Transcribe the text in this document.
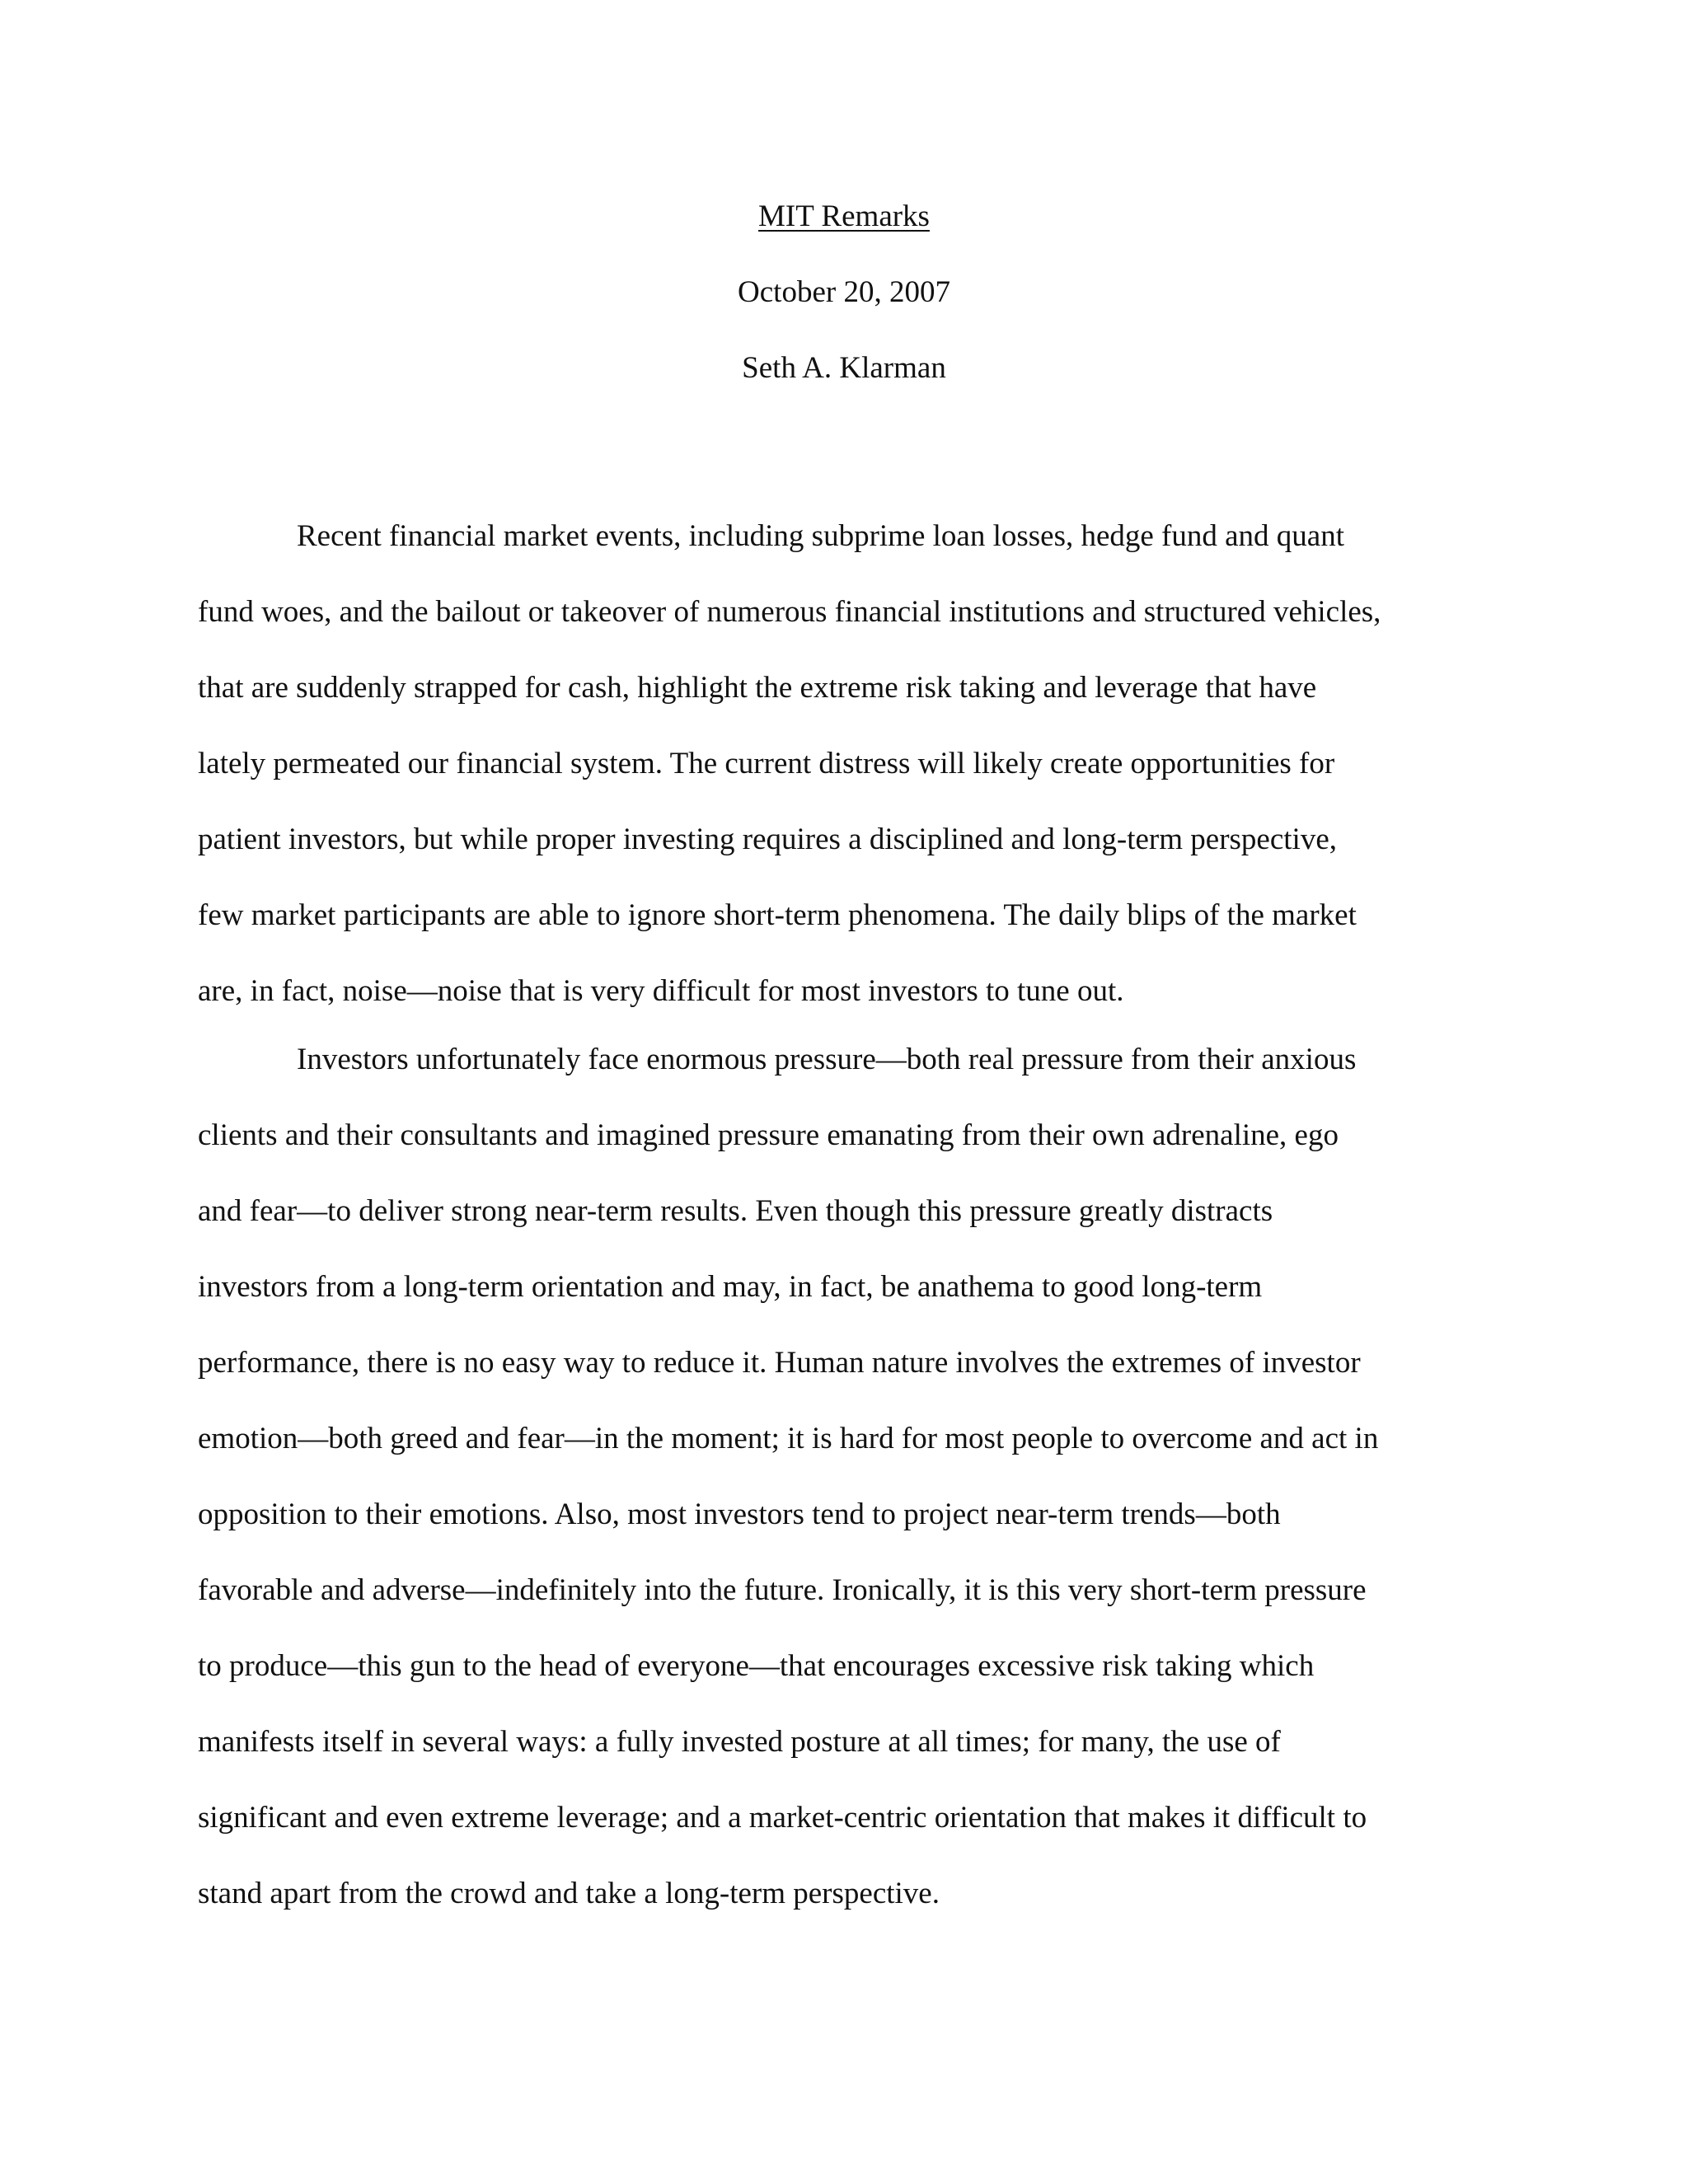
MIT Remarks

October 20, 2007

Seth A. Klarman

Recent financial market events, including subprime loan losses, hedge fund and quant
fund woes, and the bailout or takeover of numerous financial institutions and structured vehicles,
that are suddenly strapped for cash, highlight the extreme risk taking and leverage that have
lately permeated our financial system. The current distress will likely create opportunities for
patient investors, but while proper investing requires a disciplined and long-term perspective,
few market participants are able to ignore short-term phenomena. The daily blips of the market
are, in fact, noise—noise that is very difficult for most investors to tune out.
Investors unfortunately face enormous pressure—both real pressure from their anxious
clients and their consultants and imagined pressure emanating from their own adrenaline, ego
and fear—to deliver strong near-term results. Even though this pressure greatly distracts
investors from a long-term orientation and may, in fact, be anathema to good long-term
performance, there is no easy way to reduce it. Human nature involves the extremes of investor
emotion—both greed and fear—in the moment; it is hard for most people to overcome and act in
opposition to their emotions. Also, most investors tend to project near-term trends—both
favorable and adverse—indefinitely into the future. Ironically, it is this very short-term pressure
to produce—this gun to the head of everyone—that encourages excessive risk taking which
manifests itself in several ways: a fully invested posture at all times; for many, the use of
significant and even extreme leverage; and a market-centric orientation that makes it difficult to
stand apart from the crowd and take a long-term perspective.
